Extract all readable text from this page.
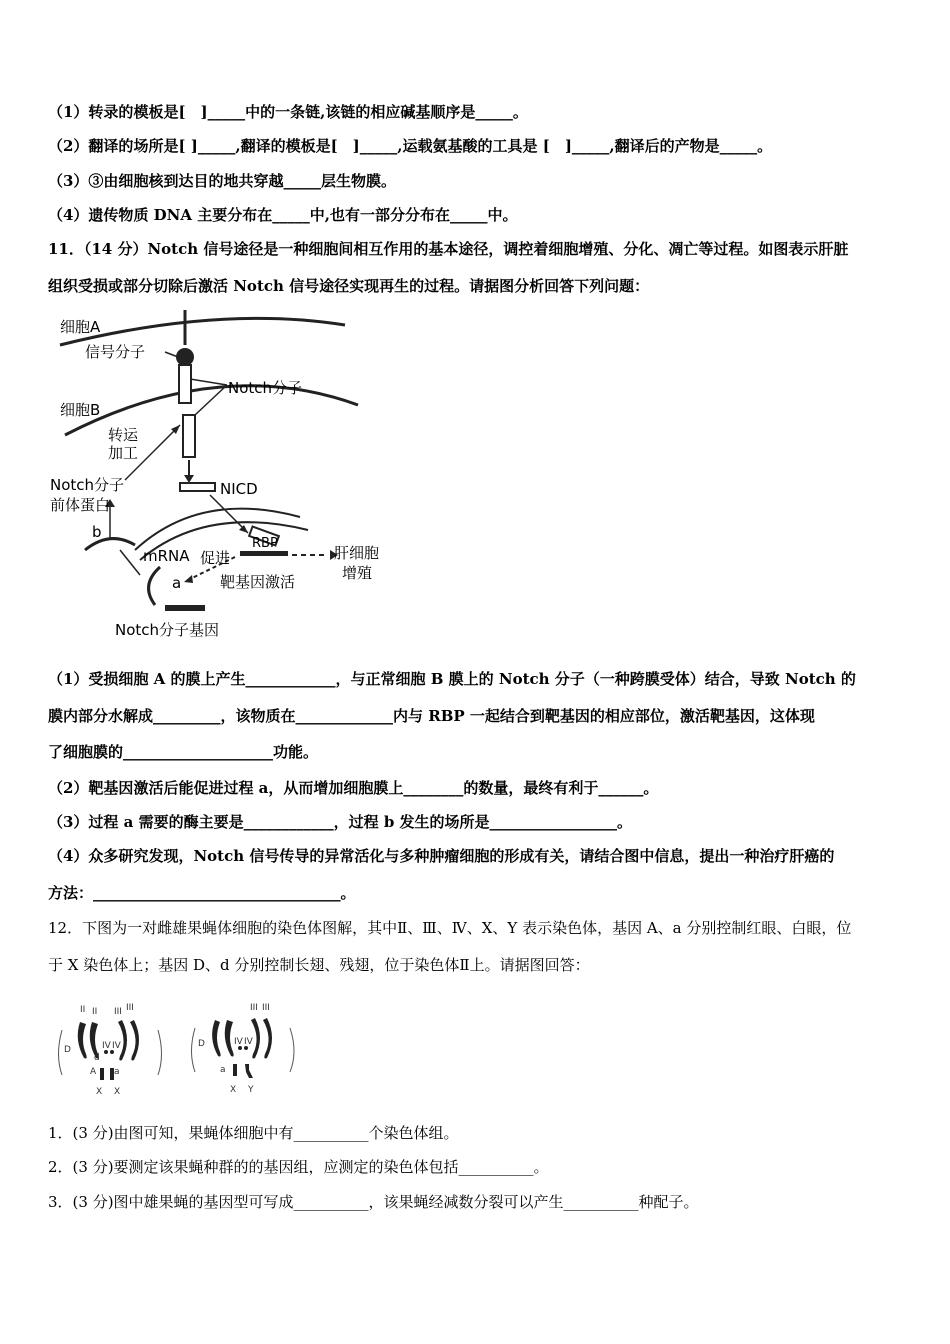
（1）转录的模板是[　]_____中的一条链,该链的相应碱基顺序是_____。
（2）翻译的场所是[ ]_____,翻译的模板是[　]_____,运载氨基酸的工具是 [　]_____,翻译后的产物是_____。
（3）③由细胞核到达目的地共穿越_____层生物膜。
（4）遗传物质 DNA 主要分布在_____中,也有一部分分布在_____中。
11．（14 分）Notch 信号途径是一种细胞间相互作用的基本途径，调控着细胞增殖、分化、凋亡等过程。如图表示肝脏
组织受损或部分切除后激活 Notch 信号途径实现再生的过程。请据图分析回答下列问题：
细胞A
信号分子
Notch分子
细胞B
转运
加工
Notch分子
前体蛋白
NICD
b
mRNA 促进
RBP
肝细胞
增殖
a	靶基因激活
Notch分子基因
（1）受损细胞 A 的膜上产生____________，与正常细胞 B 膜上的 Notch 分子（一种跨膜受体）结合，导致 Notch 的
膜内部分水解成_________，该物质在_____________内与 RBP 一起结合到靶基因的相应部位，激活靶基因，这体现
了细胞膜的____________________功能。
（2）靶基因激活后能促进过程 a，从而增加细胞膜上________的数量，最终有利于______。
（3）过程 a 需要的酶主要是____________，过程 b 发生的场所是_________________。
（4）众多研究发现，Notch 信号传导的异常活化与多种肿瘤细胞的形成有关，请结合图中信息，提出一种治疗肝癌的
方法：_________________________________。
12．下图为一对雌雄果蝇体细胞的染色体图解，其中Ⅱ、Ⅲ、Ⅳ、X、Y 表示染色体，基因 A、a 分别控制红眼、白眼，位
于 X 染色体上；基因 D、d 分别控制长翅、残翅，位于染色体Ⅱ上。请据图回答：
II II III III
IV IV
D
d
A a
X X
D	IV IV
III III
a
X Y
1．(3 分)由图可知，果蝇体细胞中有__________个染色体组。
2．(3 分)要测定该果蝇种群的的基因组，应测定的染色体包括__________。
3．(3 分)图中雄果蝇的基因型可写成__________，该果蝇经减数分裂可以产生__________种配子。
